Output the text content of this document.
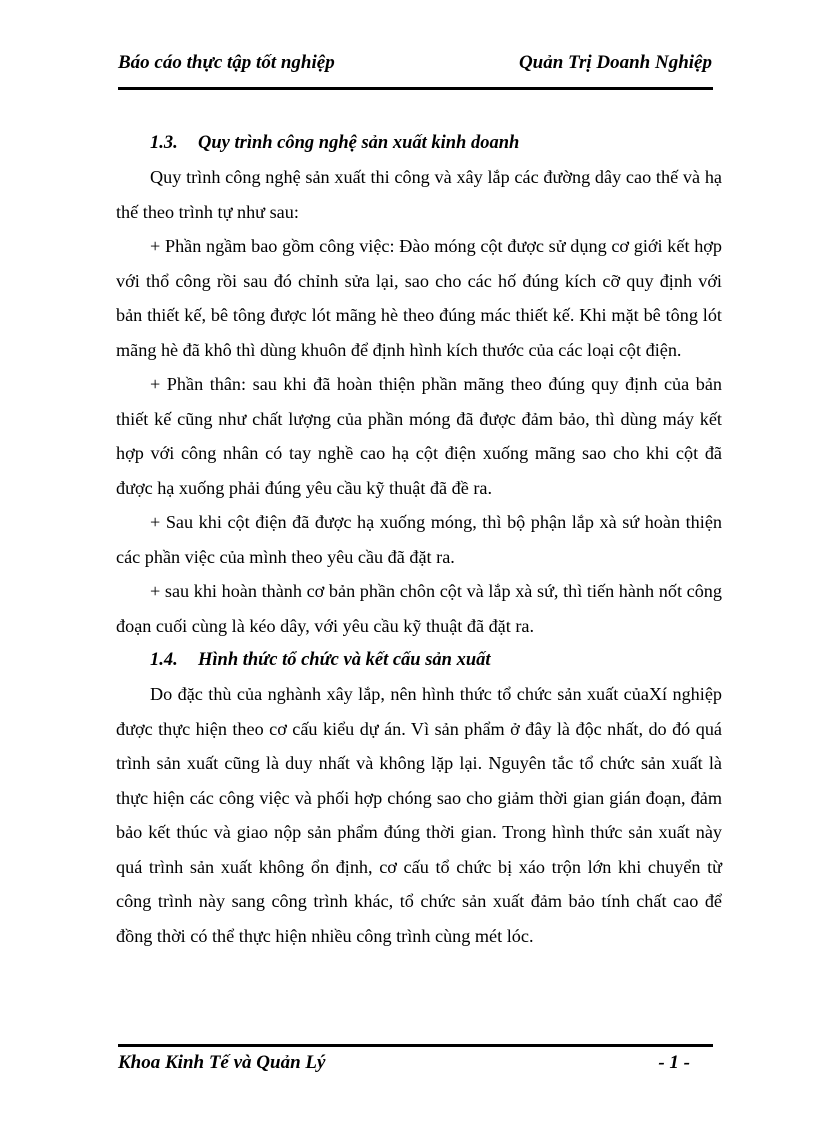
Báo cáo thực tập tốt nghiệp	Quản Trị Doanh Nghiệp
1.3. Quy trình công nghệ sản xuất kinh doanh

Quy trình công nghệ sản xuất thi công và xây lắp các đường dây cao thế và hạ thế theo trình tự như sau:

+ Phần ngầm bao gồm công việc: Đào móng cột được sử dụng cơ giới kết hợp với thổ công rồi sau đó chỉnh sửa lại, sao cho các hố đúng kích cỡ quy định với bản thiết kế, bê tông được lót mãng hè theo đúng mác thiết kế. Khi mặt bê tông lót mãng hè đã khô thì dùng khuôn để định hình kích thước của các loại cột điện.

+ Phần thân: sau khi đã hoàn thiện phần mãng theo đúng quy định của bản thiết kế cũng như chất lượng của phần móng đã được đảm bảo, thì dùng máy kết hợp với công nhân có tay nghề cao hạ cột điện xuống mãng sao cho khi cột đã được hạ xuống phải đúng yêu cầu kỹ thuật đã đề ra.

+ Sau khi cột điện đã được hạ xuống móng, thì bộ phận lắp xà sứ hoàn thiện các phần việc của mình theo yêu cầu đã đặt ra.

+ sau khi hoàn thành cơ bản phần chôn cột và lắp xà sứ, thì tiến hành nốt công đoạn cuối cùng là kéo dây, với yêu cầu kỹ thuật đã đặt ra.

1.4. Hình thức tổ chức và kết cấu sản xuất

Do đặc thù của nghành xây lắp, nên hình thức tổ chức sản xuất củaXí nghiệp được thực hiện theo cơ cấu kiểu dự án. Vì sản phẩm ở đây là độc nhất, do đó quá trình sản xuất cũng là duy nhất và không lặp lại. Nguyên tắc tổ chức sản xuất là thực hiện các công việc và phối hợp chóng sao cho giảm thời gian gián đoạn, đảm bảo kết thúc và giao nộp sản phẩm đúng thời gian. Trong hình thức sản xuất này quá trình sản xuất không ổn định, cơ cấu tổ chức bị xáo trộn lớn khi chuyển từ công trình này sang công trình khác, tổ chức sản xuất đảm bảo tính chất cao để đồng thời có thể thực hiện nhiều công trình cùng mét lóc.

Khoa Kinh Tế và Quản Lý	- 1 -
